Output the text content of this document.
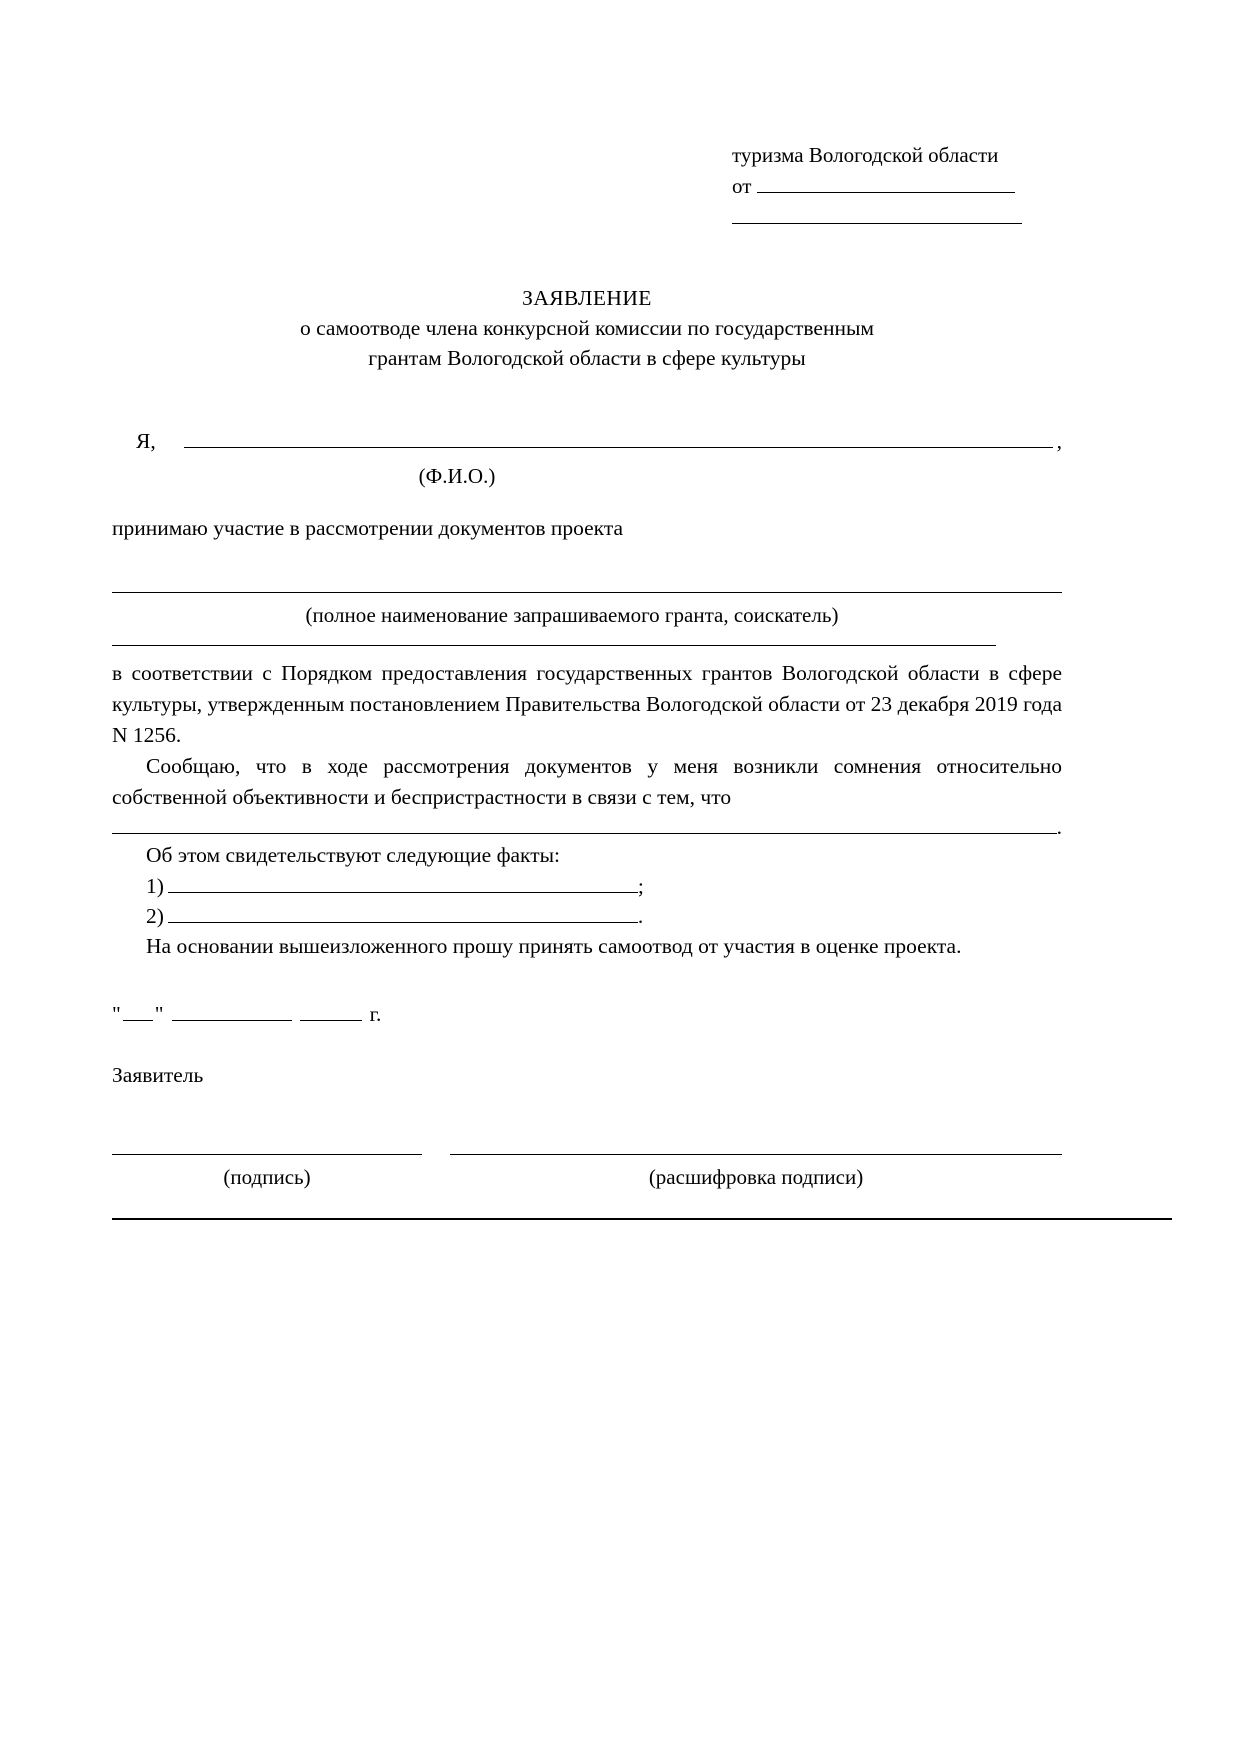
туризма Вологодской области
от
ЗАЯВЛЕНИЕ
о самоотводе члена конкурсной комиссии по государственным
грантам Вологодской области в сфере культуры
Я,	,
(Ф.И.О.)
принимаю участие в рассмотрении документов проекта
(полное наименование запрашиваемого гранта, соискатель)
в соответствии с Порядком предоставления государственных грантов Вологодской области в сфере культуры, утвержденным постановлением Правительства Вологодской области от 23 декабря 2019 года N 1256.
Сообщаю, что в ходе рассмотрения документов у меня возникли сомнения относительно собственной объективности и беспристрастности в связи с тем, что
.
Об этом свидетельствуют следующие факты:
1)	;
2)	.
На основании вышеизложенного прошу принять самоотвод от участия в оценке проекта.
" "	г.
Заявитель
(подпись)	(расшифровка подписи)
